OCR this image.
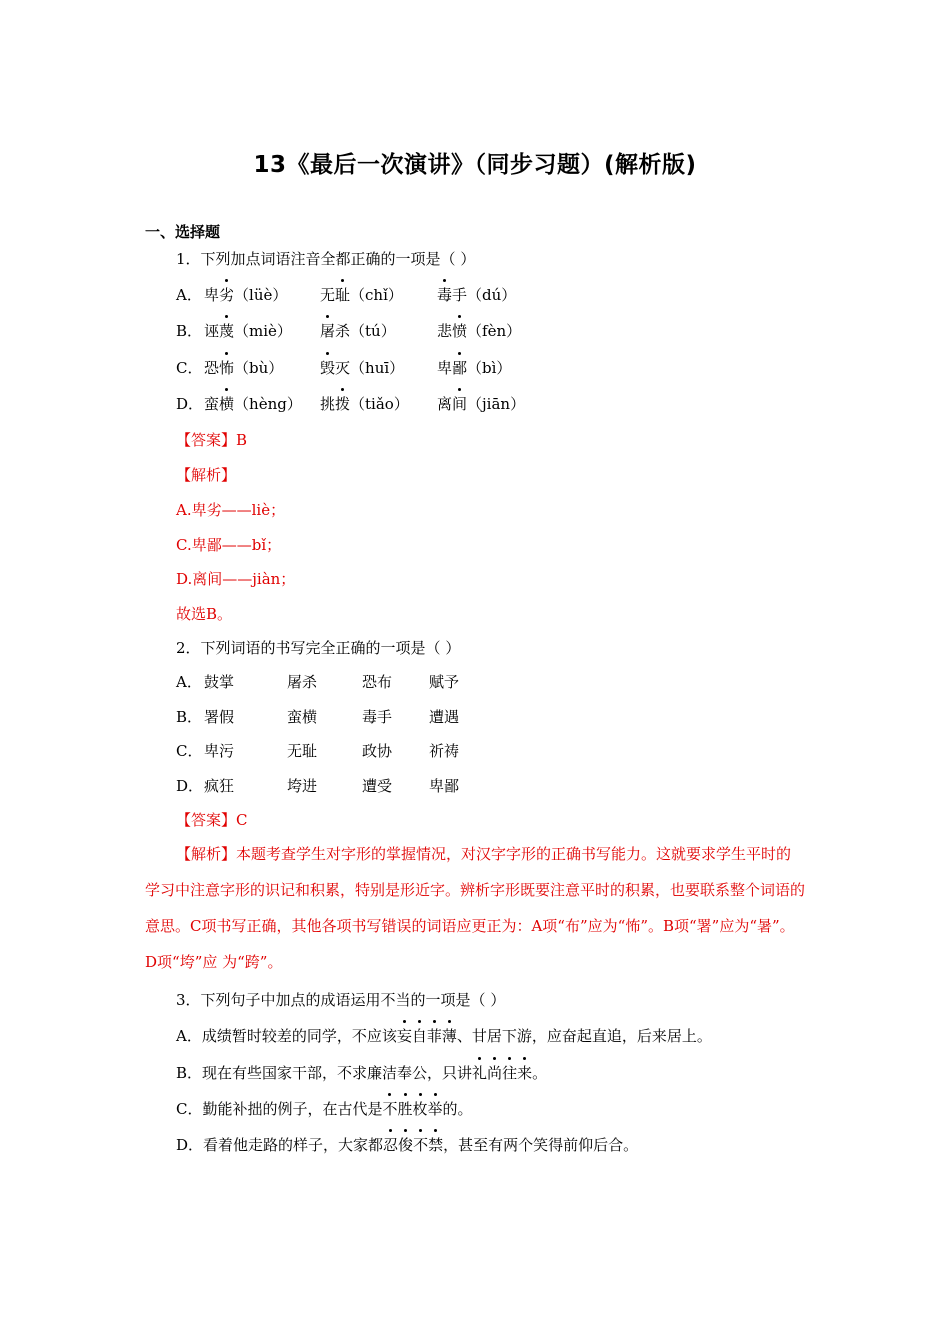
13《最后一次演讲》（同步习题）(解析版)
一、选择题
1．下列加点词语注音全都正确的一项是（ ）
A． 卑劣（lüè） 无耻（chǐ） 毒手（dú）
B． 诬蔑（miè） 屠杀（tú）	悲愤（fèn）
C． 恐怖（bù） 毁灭（huī） 卑鄙（bì）
D． 蛮横（hèng） 挑拨（tiǎo） 离间（jiān）
【答案】B
【解析】
A.卑劣——liè；
C.卑鄙——bǐ；
D.离间——jiàn；
故选B。
2．下列词语的书写完全正确的一项是（ ）
A． 鼓掌	屠杀	恐布 赋予
B． 署假	蛮横	毒手 遭遇
C． 卑污	无耻	政协 祈祷
D． 疯狂	垮进	遭受 卑鄙
【答案】C
【解析】本题考查学生对字形的掌握情况，对汉字字形的正确书写能力。这就要求学生平时的学习中注意字形的识记和积累，特别是形近字。辨析字形既要注意平时的积累，也要联系整个词语的意思。C项书写正确，其他各项书写错误的词语应更正为：A项“布”应为“怖”。B项“署”应为“暑”。D项“垮”应 为“跨”。
3．下列句子中加点的成语运用不当的一项是（ ）
A．成绩暂时较差的同学，不应该妄自菲薄、甘居下游，应奋起直追，后来居上。
B．现在有些国家干部，不求廉洁奉公，只讲礼尚往来。
C．勤能补拙的例子，在古代是不胜枚举的。
D．看着他走路的样子，大家都忍俊不禁，甚至有两个笑得前仰后合。
